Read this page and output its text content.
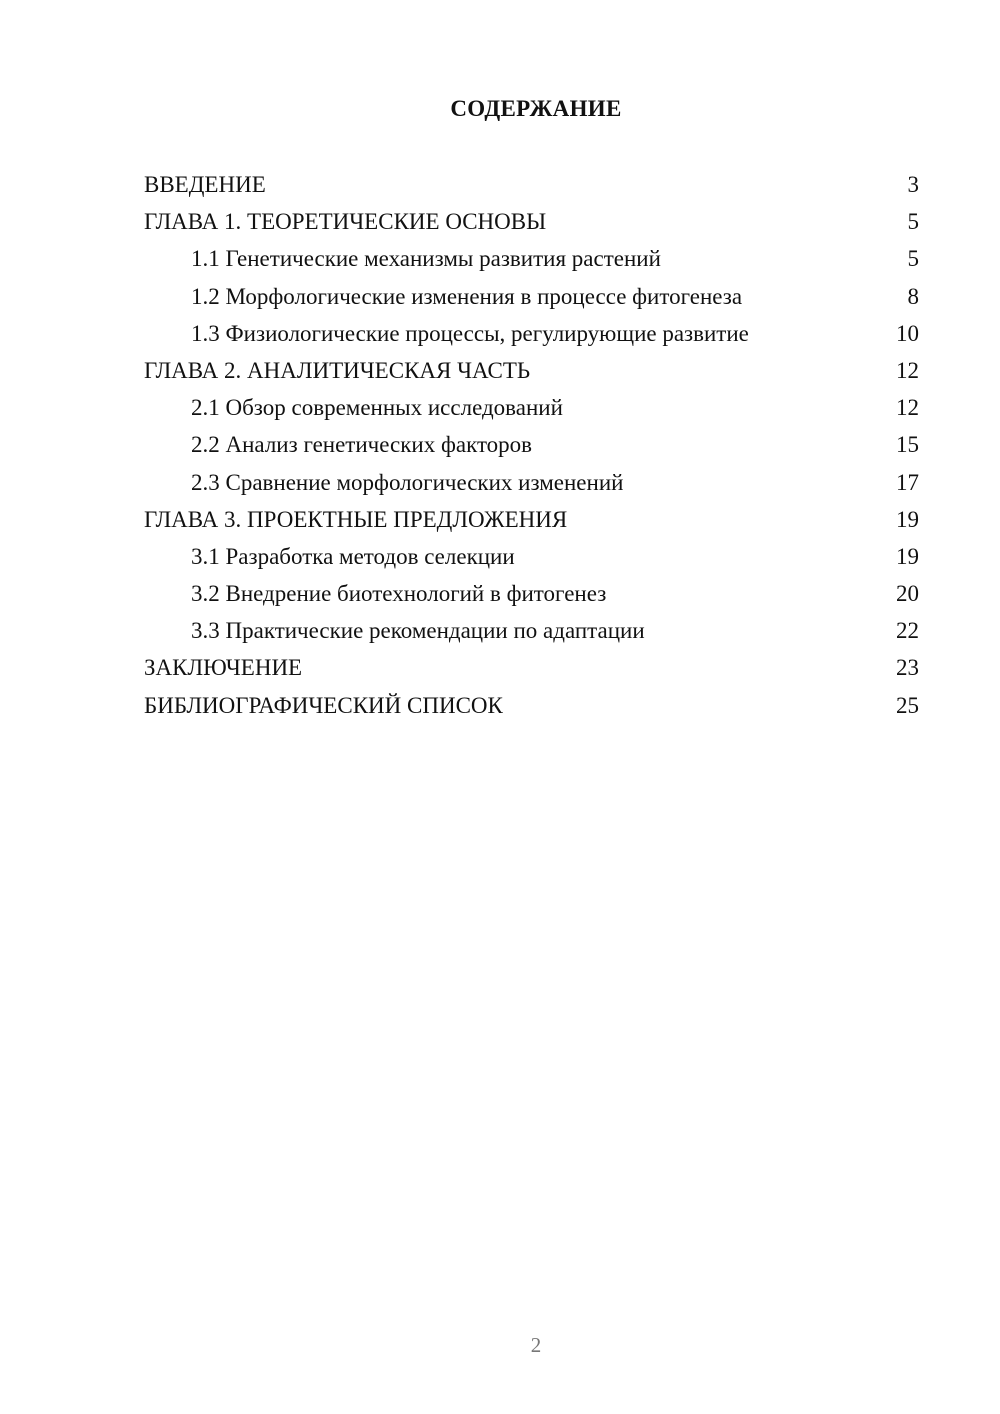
СОДЕРЖАНИЕ
ВВЕДЕНИЕ	3
ГЛАВА 1. ТЕОРЕТИЧЕСКИЕ ОСНОВЫ	5
1.1 Генетические механизмы развития растений	5
1.2 Морфологические изменения в процессе фитогенеза	8
1.3 Физиологические процессы, регулирующие развитие	10
ГЛАВА 2. АНАЛИТИЧЕСКАЯ ЧАСТЬ	12
2.1 Обзор современных исследований	12
2.2 Анализ генетических факторов	15
2.3 Сравнение морфологических изменений	17
ГЛАВА 3. ПРОЕКТНЫЕ ПРЕДЛОЖЕНИЯ	19
3.1 Разработка методов селекции	19
3.2 Внедрение биотехнологий в фитогенез	20
3.3 Практические рекомендации по адаптации	22
ЗАКЛЮЧЕНИЕ	23
БИБЛИОГРАФИЧЕСКИЙ СПИСОК	25
2
